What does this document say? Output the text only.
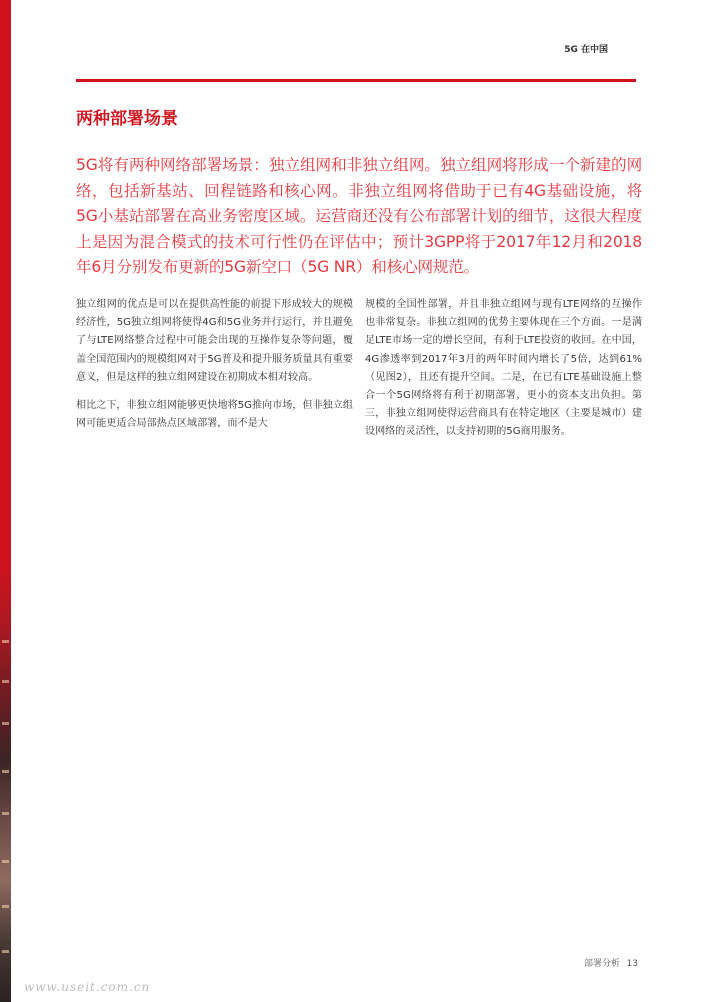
5G 在中国
两种部署场景
5G将有两种网络部署场景：独立组网和非独立组网。独立组网将形成一个新建的网络，包括新基站、回程链路和核心网。非独立组网将借助于已有4G基础设施，将5G小基站部署在高业务密度区域。运营商还没有公布部署计划的细节，这很大程度上是因为混合模式的技术可行性仍在评估中；预计3GPP将于2017年12月和2018年6月分别发布更新的5G新空口（5G NR）和核心网规范。

独立组网的优点是可以在提供高性能的前提下形成较大的规模经济性，5G独立组网将使得4G和5G业务并行运行，并且避免了与LTE网络整合过程中可能会出现的互操作复杂等问题，覆盖全国范围内的规模组网对于5G普及和提升服务质量具有重要意义，但是这样的独立组网建设在初期成本相对较高。

相比之下，非独立组网能够更快地将5G推向市场，但非独立组网可能更适合局部热点区域部署，而不是大

规模的全国性部署，并且非独立组网与现有LTE网络的互操作也非常复杂。非独立组网的优势主要体现在三个方面。一是满足LTE市场一定的增长空间，有利于LTE投资的收回。在中国，4G渗透率到2017年3月的两年时间内增长了5倍，达到61%（见图2），且还有提升空间。二是，在已有LTE基础设施上整合一个5G网络将有利于初期部署，更小的资本支出负担。第三，非独立组网使得运营商具有在特定地区（主要是城市）建设网络的灵活性，以支持初期的5G商用服务。

部署分析 13
www.useit.com.cn
